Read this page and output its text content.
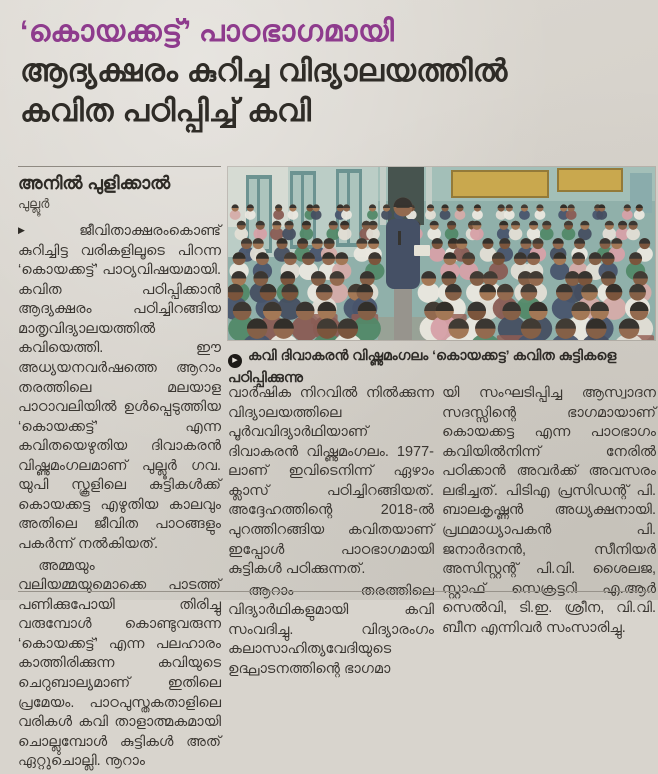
‘കൊയക്കട്ട്’ പാഠഭാഗമായി
ആദ്യക്ഷരം കുറിച്ച വിദ്യാലയത്തിൽ
കവിത പഠിപ്പിച്ച് കവി
അനിൽ പുളിക്കാൽ
പുല്ലൂർ

▶ ജീവിതാക്ഷരംകൊണ്ട് കുറിച്ചിട്ട വരികളിലൂടെ പിറന്ന ‘കൊയക്കട്ട്’ പാഠ്യവിഷയമായി. കവിത പഠിപ്പിക്കാൻ ആദ്യക്ഷരം പഠിച്ചിറങ്ങിയ മാതൃവിദ്യാലയത്തിൽ കവിയെത്തി. ഈ അധ്യയനവർഷത്തെ ആറാം തരത്തിലെ മലയാള പാഠാവലിയിൽ ഉൾപ്പെടുത്തിയ ‘കൊയക്കട്ട്’ എന്ന കവിതയെഴുതിയ ദിവാകരൻ വിഷ്ണുമംഗലമാണ് പുല്ലൂർ ഗവ. യുപി സ്കൂളിലെ കുട്ടികൾക്ക് കൊയക്കട്ട എഴുതിയ കാലവും അതിലെ ജീവിത പാഠങ്ങളും പകർന്ന് നൽകിയത്.

അമ്മയും വലിയമ്മയുമൊക്കെ പാടത്ത് പണിക്കുപോയി തിരിച്ചു വരുമ്പോൾ കൊണ്ടുവരുന്ന ‘കൊയക്കട്ട്’ എന്ന പലഹാരം കാത്തിരിക്കുന്ന കവിയുടെ ചെറുബാല്യമാണ് ഇതിലെ പ്രമേയം. പാഠപുസ്തകതാളിലെ വരികൾ കവി താളാത്മകമായി ചൊല്ലുമ്പോൾ കുട്ടികൾ അത് ഏറ്റുചൊല്ലി. നൂറാം

▶ കവി ദിവാകരൻ വിഷ്ണുമംഗലം ‘കൊയക്കട്ട’ കവിത കുട്ടികളെ പഠിപ്പിക്കുന്നു

വാർഷിക നിറവിൽ നിൽക്കുന്ന വിദ്യാലയത്തിലെ പൂർവവിദ്യാർഥിയാണ് ദിവാകരൻ വിഷ്ണുമംഗലം. 1977-ലാണ് ഇവിടെനിന്ന് ഏഴാം ക്ലാസ് പഠിച്ചിറങ്ങിയത്. അദ്ദേഹത്തിന്റെ 2018-ൽ പുറത്തിറങ്ങിയ കവിതയാണ് ഇപ്പോൾ പാഠഭാഗമായി കുട്ടികൾ പഠിക്കുന്നത്.

ആറാം തരത്തിലെ വിദ്യാർഥികളുമായി കവി സംവദിച്ചു. വിദ്യാരംഗം കലാസാഹിത്യവേദിയുടെ ഉദ്ഘാടനത്തിന്റെ ഭാഗമാ

യി സംഘടിപ്പിച്ച ആസ്വാദന സദസ്സിന്റെ ഭാഗമായാണ് കൊയക്കട്ട എന്ന പാഠഭാഗം കവിയിൽനിന്ന് നേരിൽ പഠിക്കാൻ അവർക്ക് അവസരം ലഭിച്ചത്. പിടിഎ പ്രസിഡന്റ് പി. ബാലകൃഷ്ണൻ അധ്യക്ഷനായി. പ്രഥമാധ്യാപകൻ പി. ജനാർദനൻ, സീനിയർ അസിസ്റ്റന്റ് പി.വി. ശൈലജ, സ്റ്റാഫ് സെക്രട്ടറി എ.ആർ സെൽവി, ടി.ഇ. ശ്രീന, വി.വി. ബീന എന്നിവർ സംസാരിച്ചു.
